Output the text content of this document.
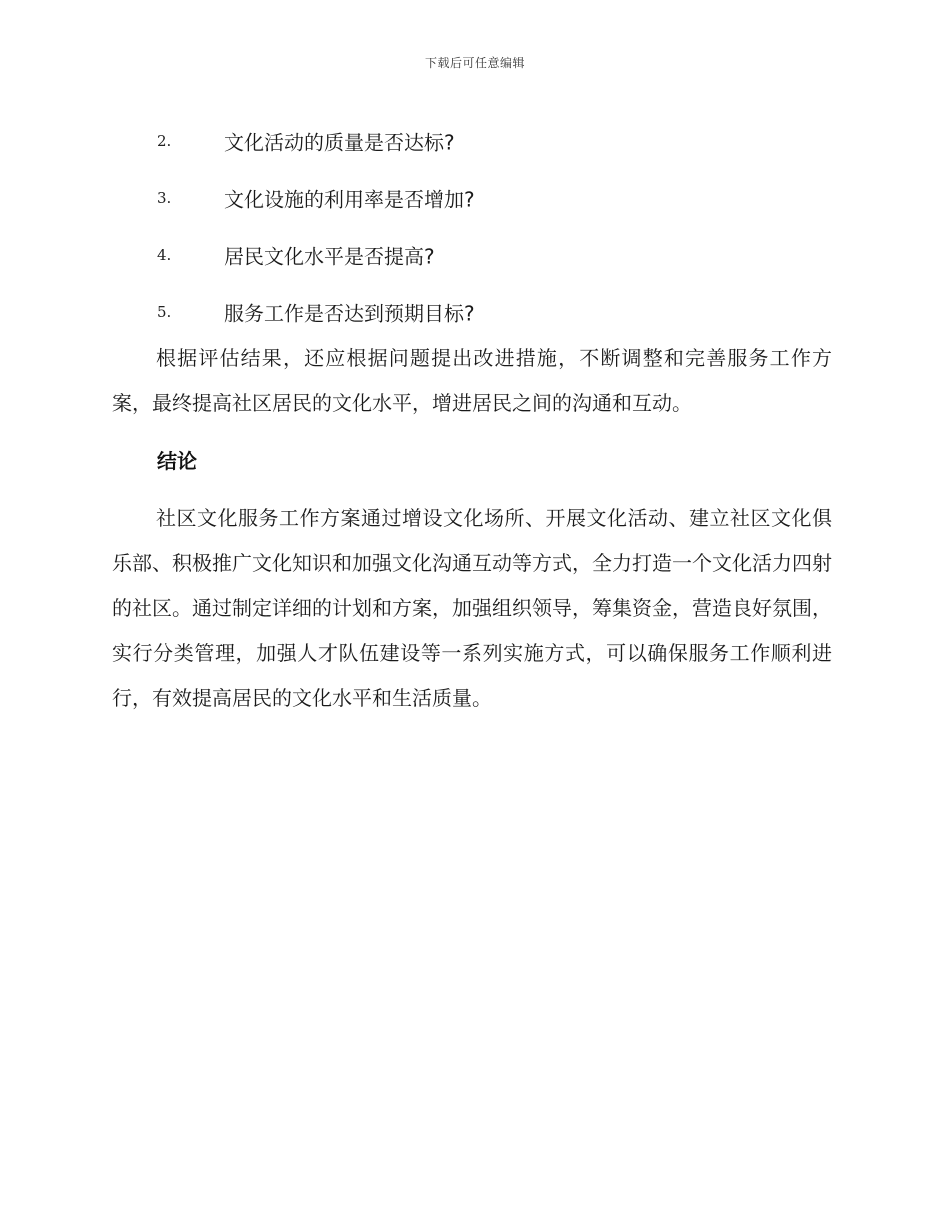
下载后可任意编辑
2.	文化活动的质量是否达标?
3.	文化设施的利用率是否增加?
4.	居民文化水平是否提高?
5.	服务工作是否达到预期目标?

根据评估结果，还应根据问题提出改进措施，不断调整和完善服务工作方案，最终提高社区居民的文化水平，增进居民之间的沟通和互动。

结论

社区文化服务工作方案通过增设文化场所、开展文化活动、建立社区文化俱乐部、积极推广文化知识和加强文化沟通互动等方式，全力打造一个文化活力四射的社区。通过制定详细的计划和方案，加强组织领导，筹集资金，营造良好氛围，实行分类管理，加强人才队伍建设等一系列实施方式，可以确保服务工作顺利进行，有效提高居民的文化水平和生活质量。
